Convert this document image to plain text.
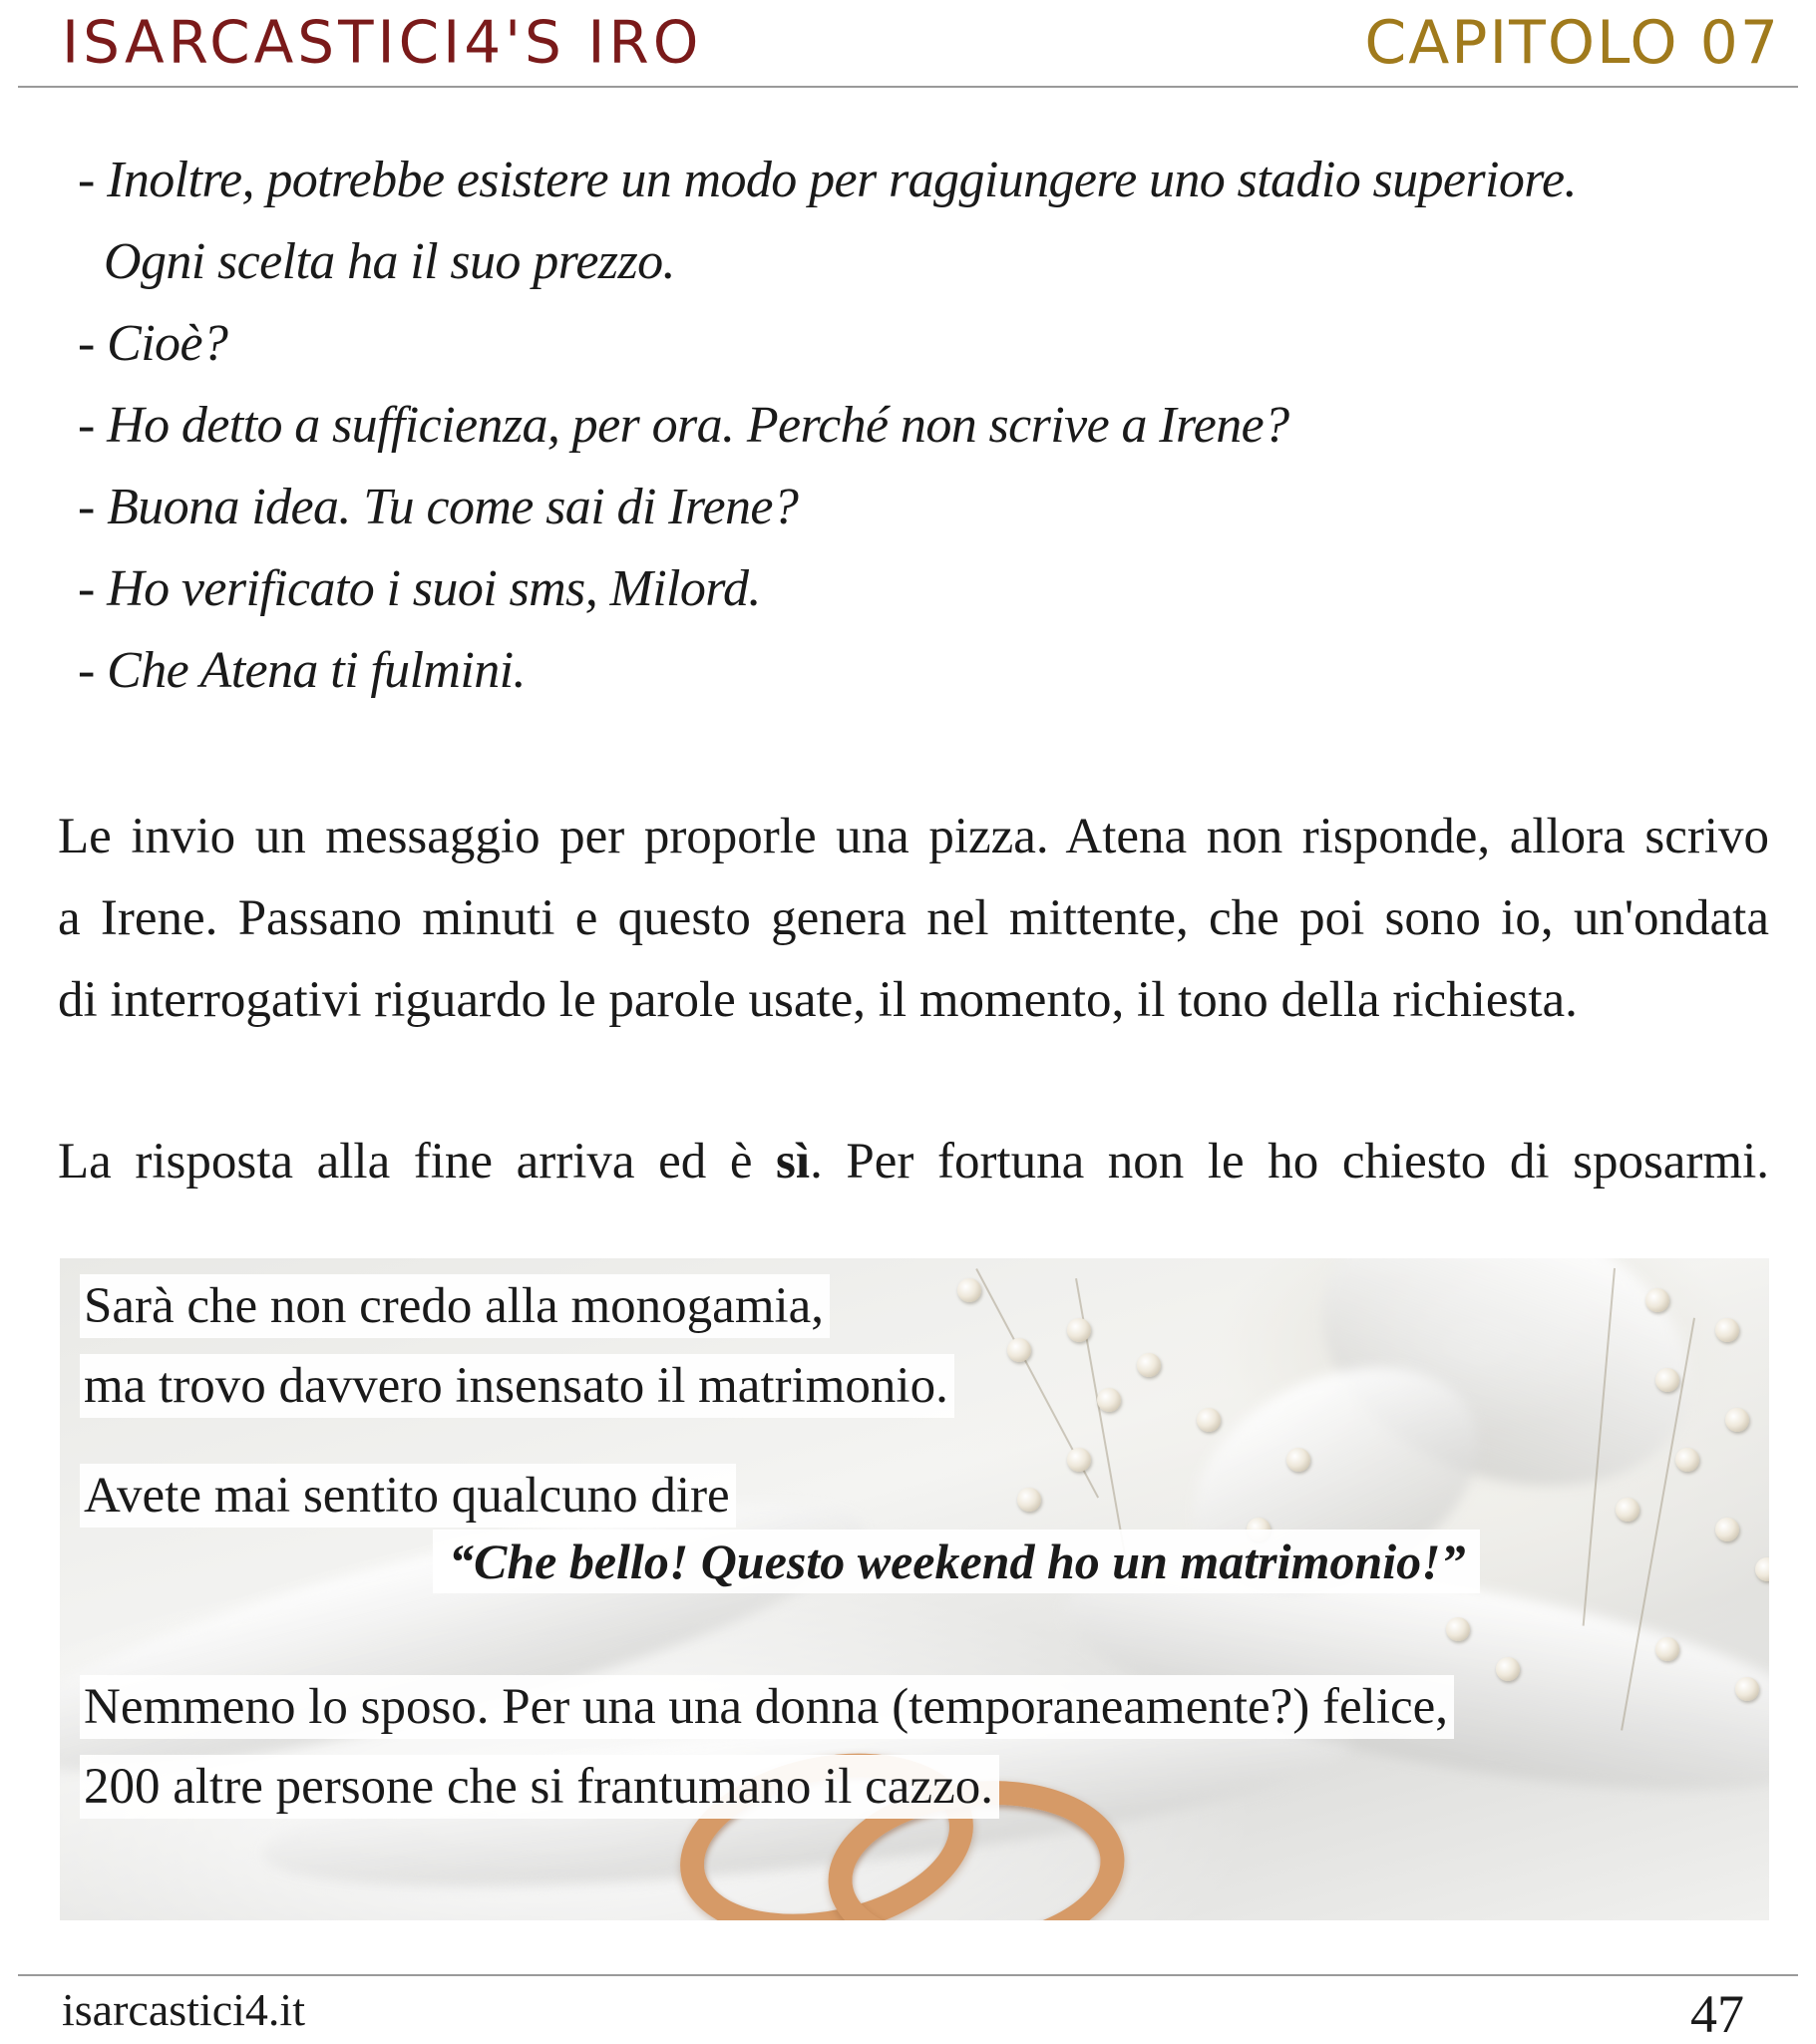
ISARCASTICI4'S IRO	CAPITOLO 07
- Inoltre, potrebbe esistere un modo per raggiungere uno stadio superiore.
Ogni scelta ha il suo prezzo.
- Cioè?
- Ho detto a sufficienza, per ora. Perché non scrive a Irene?
- Buona idea. Tu come sai di Irene?
- Ho verificato i suoi sms, Milord.
- Che Atena ti fulmini.
Le invio un messaggio per proporle una pizza. Atena non risponde, allora scrivo
a Irene. Passano minuti e questo genera nel mittente, che poi sono io, un'ondata
di interrogativi riguardo le parole usate, il momento, il tono della richiesta.
La risposta alla fine arriva ed è sì. Per fortuna non le ho chiesto di sposarmi.
Sarà che non credo alla monogamia,
ma trovo davvero insensato il matrimonio.
Avete mai sentito qualcuno dire
“Che bello! Questo weekend ho un matrimonio!”
Nemmeno lo sposo. Per una una donna (temporaneamente?) felice,
200 altre persone che si frantumano il cazzo.
isarcastici4.it	47
